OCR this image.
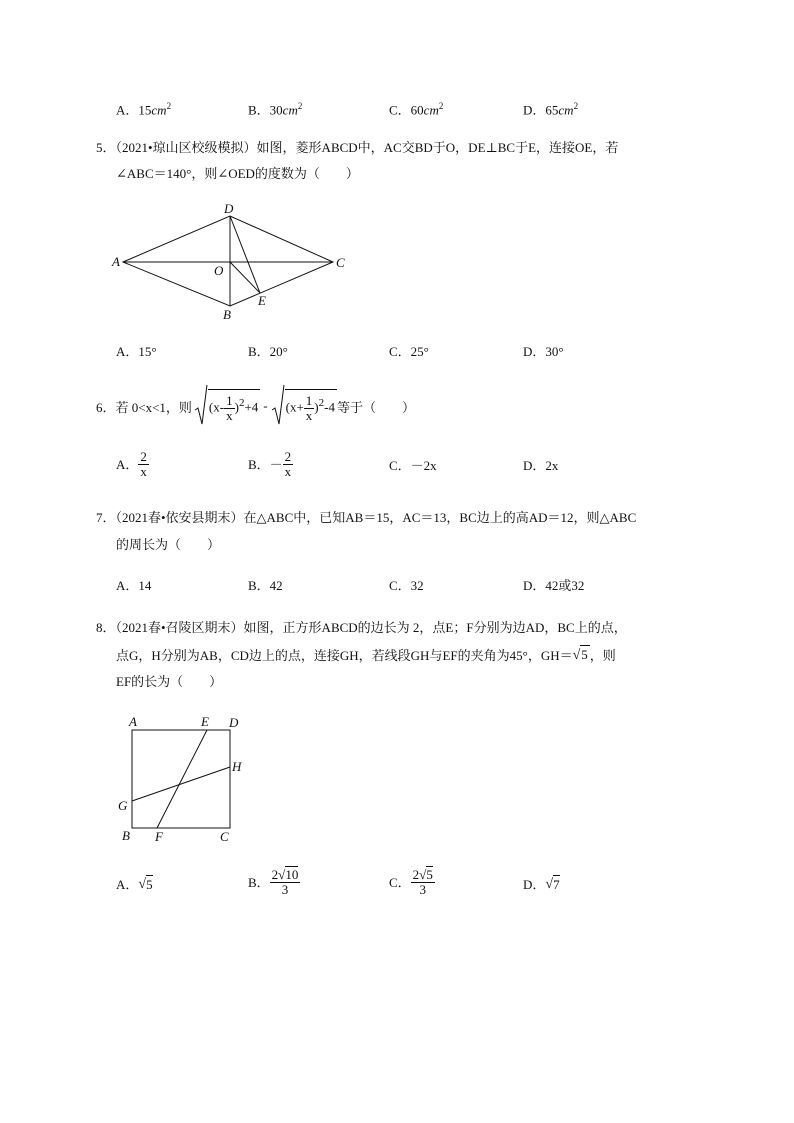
A．$15cm^2$	B．$30cm^2$	C．$60cm^2$	D．$65cm^2$
5．（2021•琼山区校级模拟）如图，菱形ABCD中，AC交BD于O，DE⊥BC于E，连接OE，若
∠ABC＝140°，则∠OED的度数为（　　）
A
D
C
O
E
B
A．15°	B．20°	C．25°	D．30°
6．若 0<x<1，则	$(x- \frac{1}{x} )^2+4$ -	$(x+ \frac{1}{x} )^2-4$ 等于（　　）
A． $\frac{2}{x}$	B．－ $\frac{2}{x}$	C．－2x	D．2x
7．（2021春•依安县期末）在△ABC中，已知AB＝15，AC＝13，BC边上的高AD＝12，则△ABC
的周长为（　　）
A．14	B．42	C．32	D．42或32
8．（2021春•召陵区期末）如图，正方形ABCD的边长为 2，点E；F分别为边AD，BC上的点，
点G，H分别为AB，CD边上的点，连接GH，若线段GH与EF的夹角为45°，GH＝ √5 ，则
EF的长为（　　）
A	E D
H
G
B F	C
A． √ 5	B． $\frac{2√10}{3}$	C． $\frac{2√5}{3}$	D． √ 7
